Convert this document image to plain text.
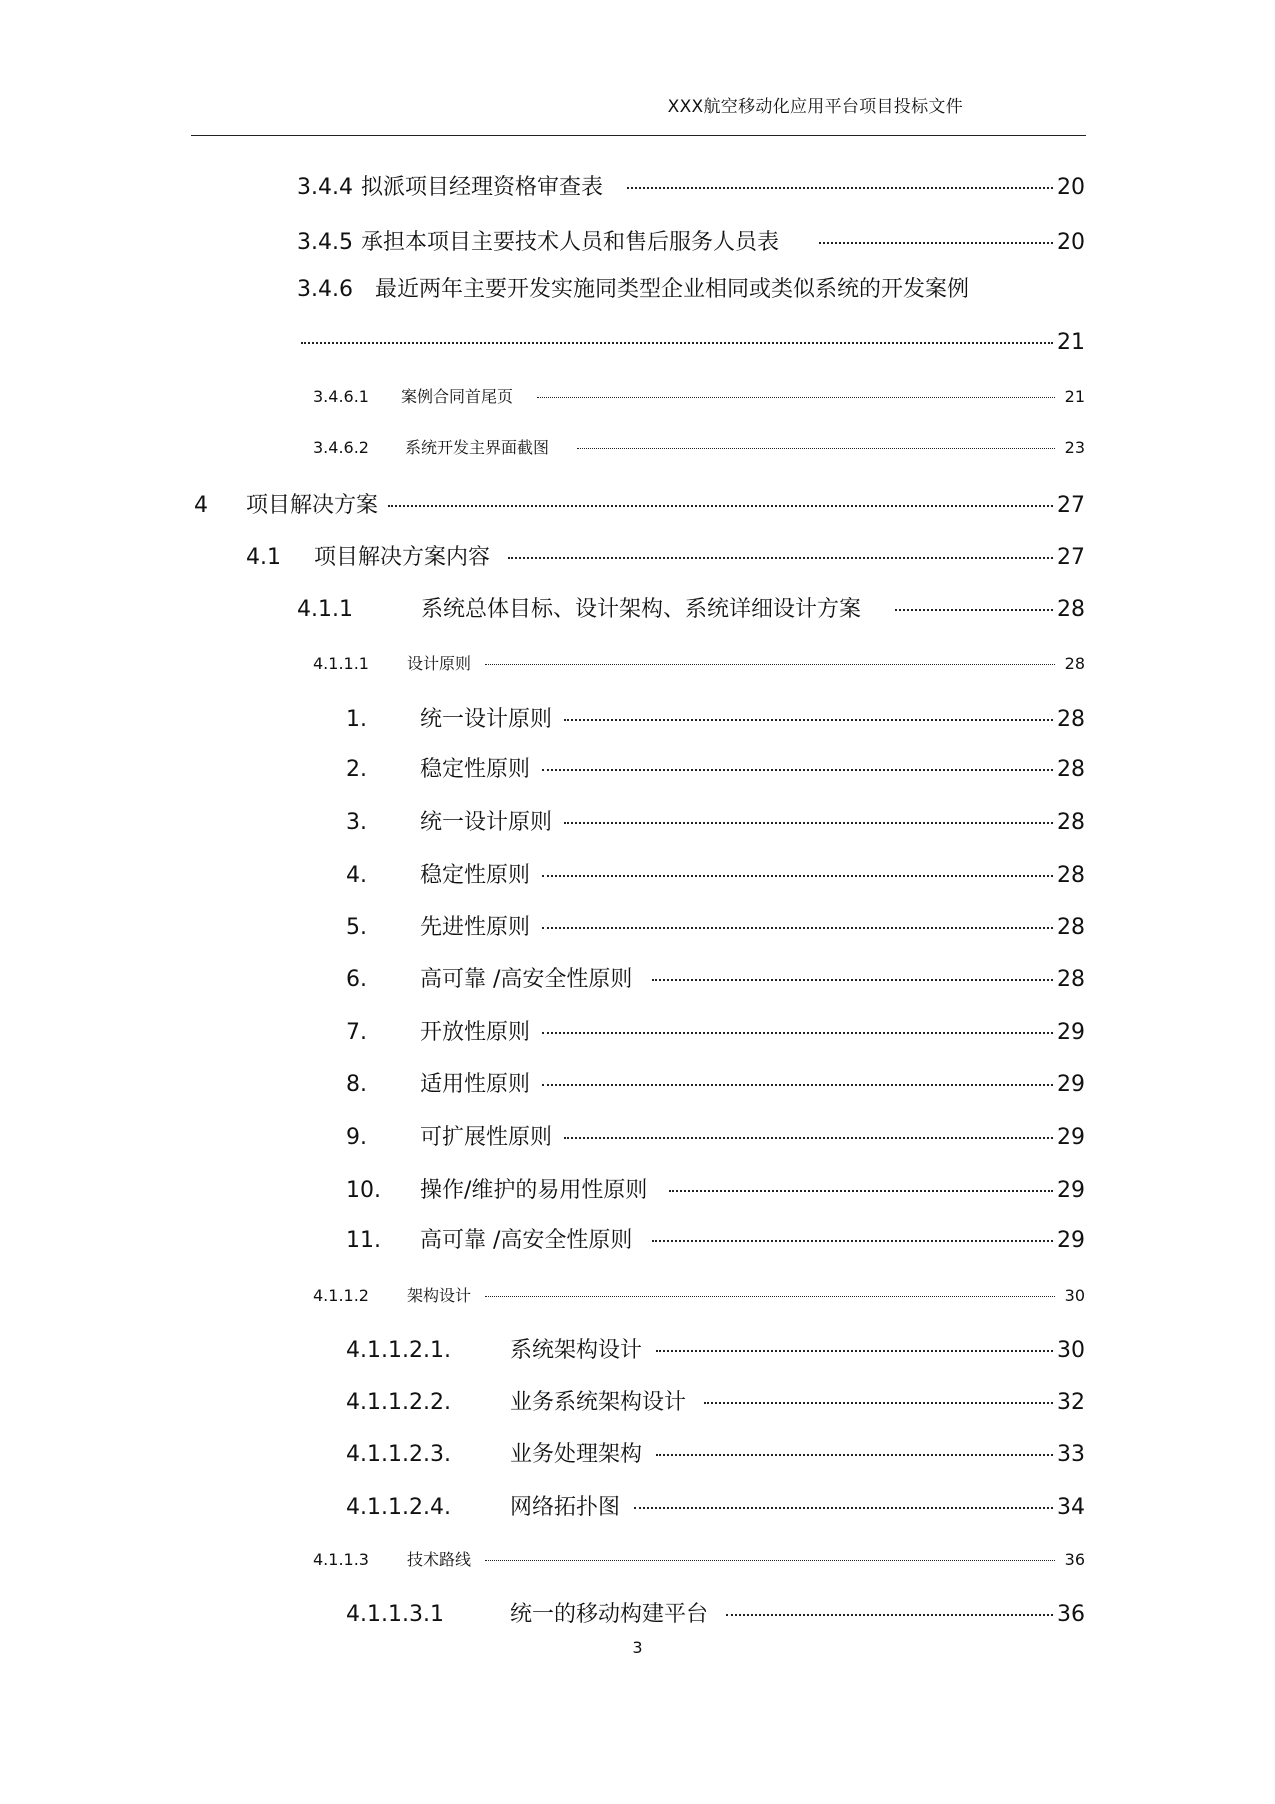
XXX航空移动化应用平台项目投标文件
3.4.4 拟派项目经理资格审查表	20
3.4.5 承担本项目主要技术人员和售后服务人员表	20
3.4.6 最近两年主要开发实施同类型企业相同或类似系统的开发案例
21
3.4.6.1	案例合同首尾页	21
3.4.6.2	系统开发主界面截图	23
4	项目解决方案	27
4.1	项目解决方案内容	27
4.1.1	系统总体目标、设计架构、系统详细设计方案	28
4.1.1.1	设计原则	28
1.	统一设计原则	28
2.	稳定性原则	28
3.	统一设计原则	28
4.	稳定性原则	28
5.	先进性原则	28
6.	高可靠 /高安全性原则	28
7.	开放性原则	29
8.	适用性原则	29
9.	可扩展性原则	29
10.	操作/维护的易用性原则	29
11.	高可靠 /高安全性原则	29
4.1.1.2	架构设计	30
4.1.1.2.1.	系统架构设计	30
4.1.1.2.2.	业务系统架构设计	32
4.1.1.2.3.	业务处理架构	33
4.1.1.2.4.	网络拓扑图	34
4.1.1.3	技术路线	36
4.1.1.3.1	统一的移动构建平台	36
3
